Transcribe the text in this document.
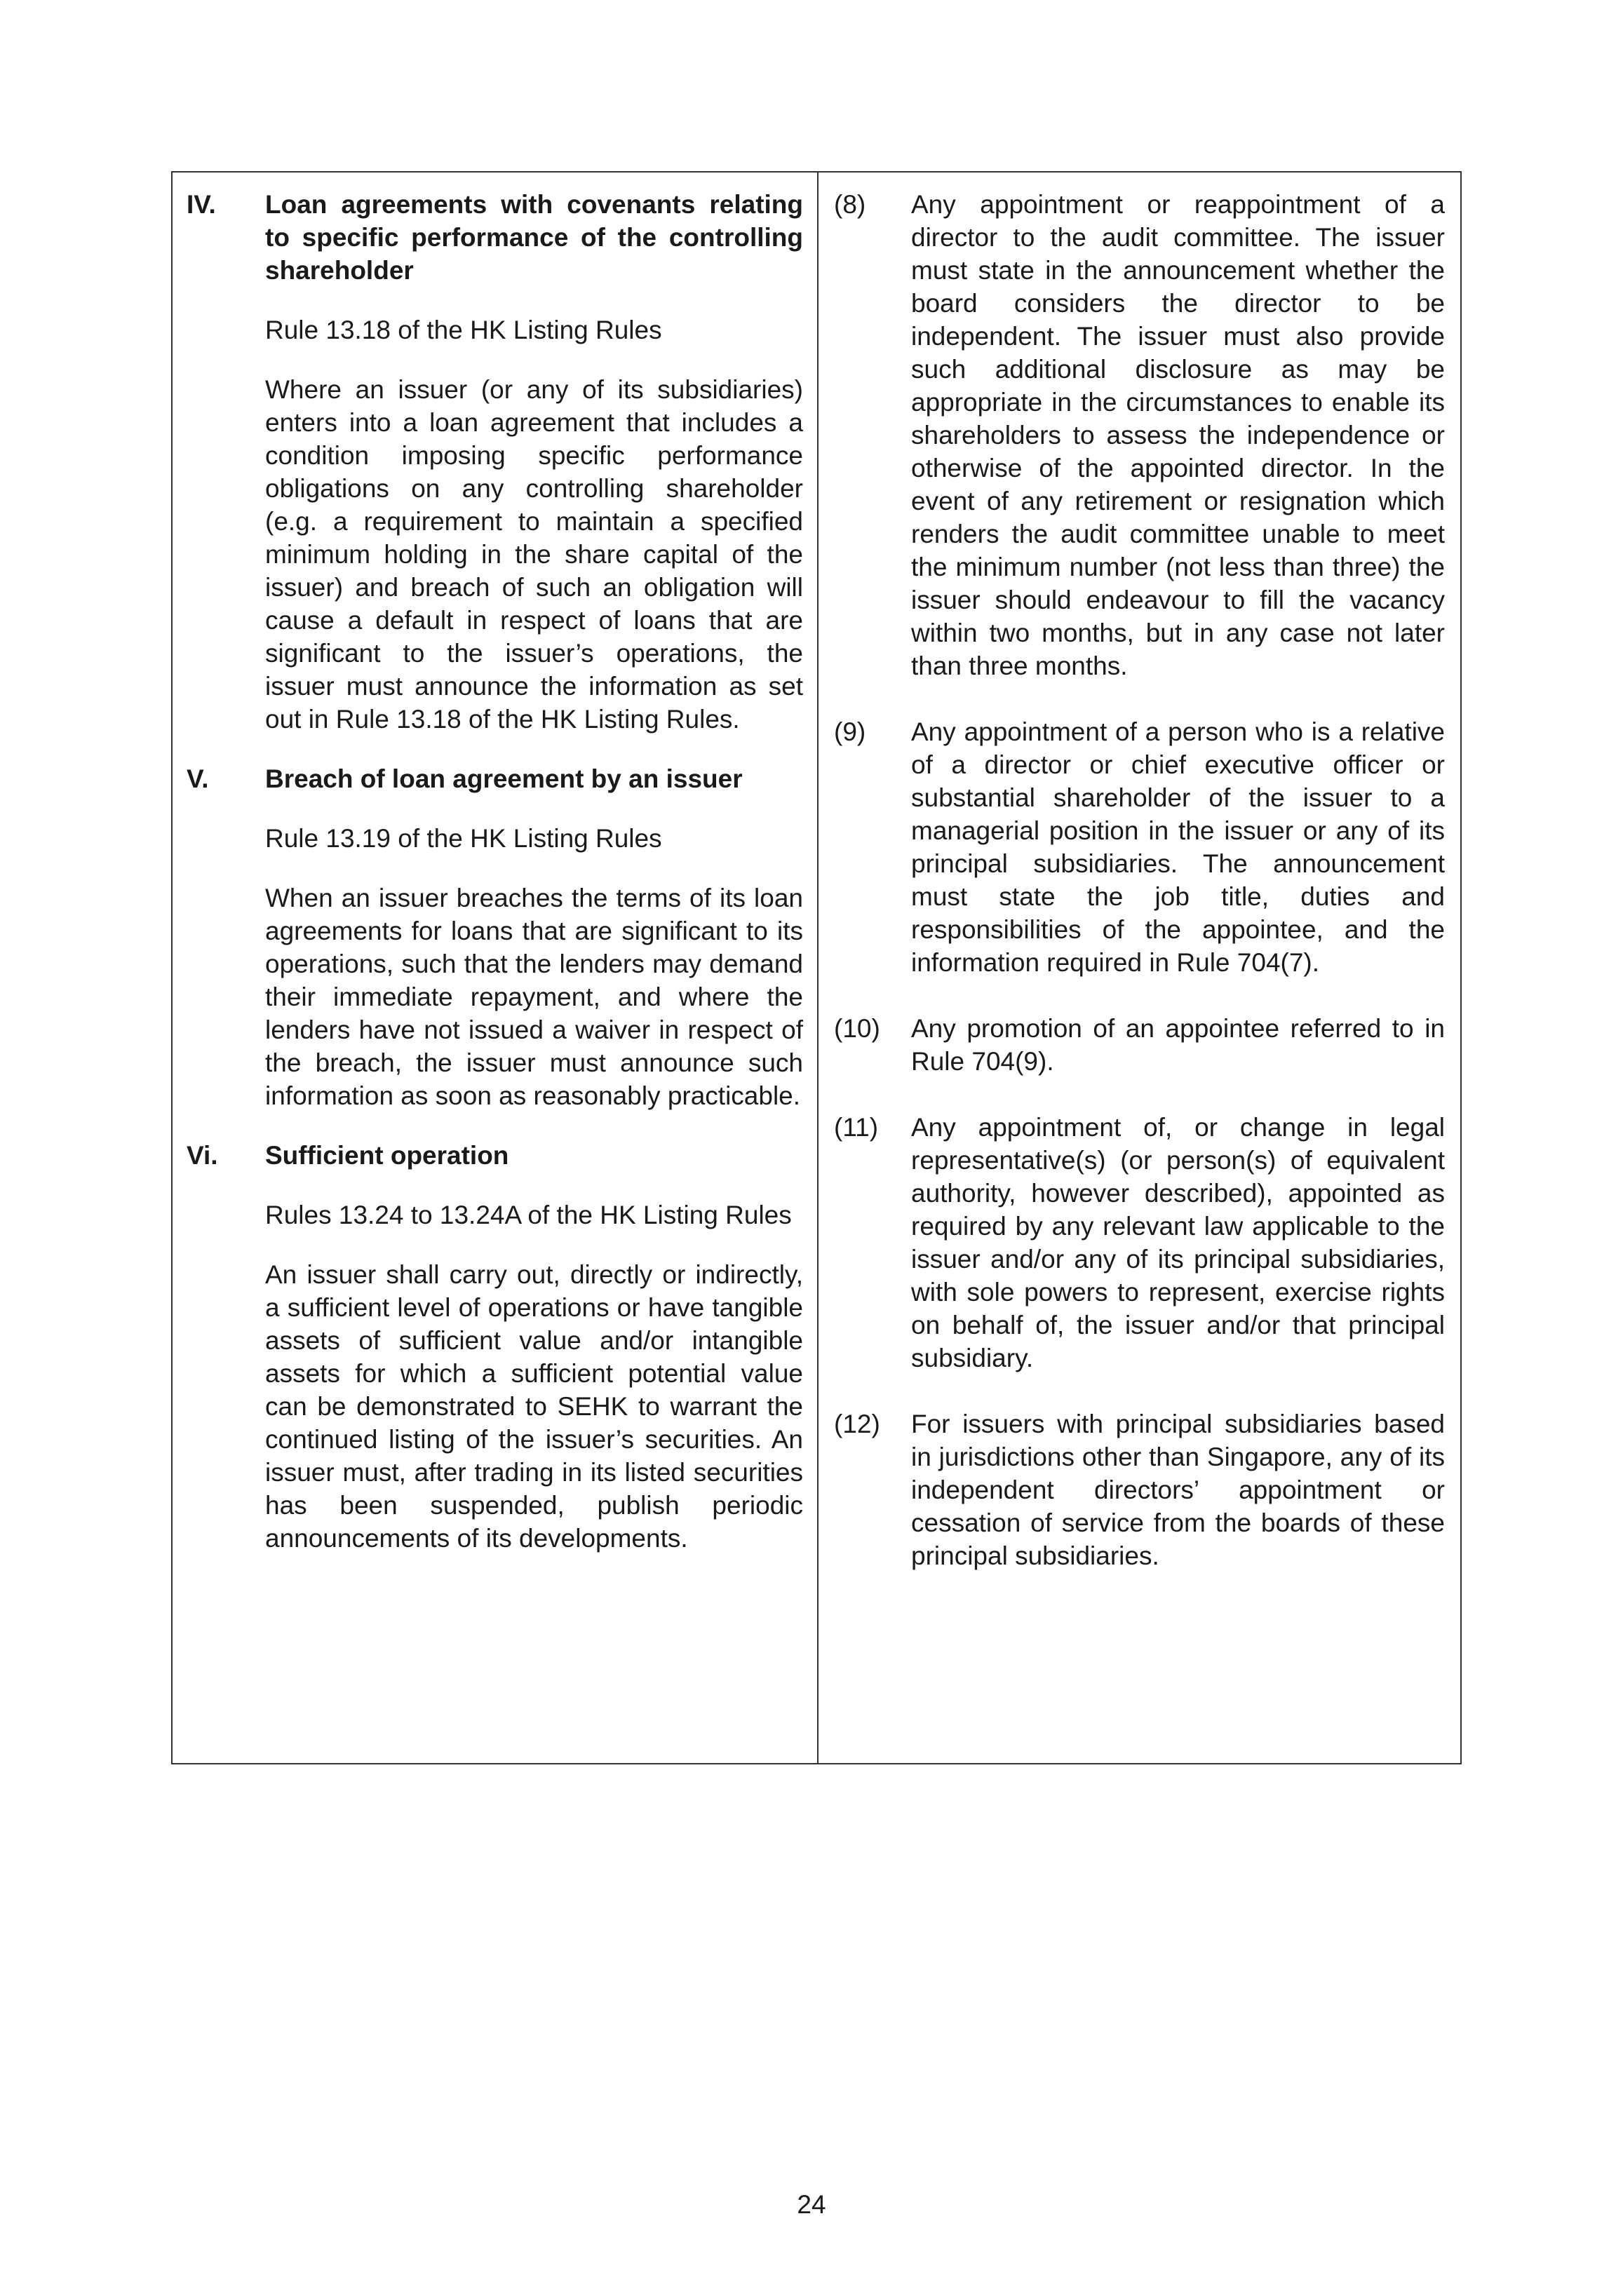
IV.	Loan agreements with covenants relating to specific performance of the controlling shareholder

Rule 13.18 of the HK Listing Rules

Where an issuer (or any of its subsidiaries) enters into a loan agreement that includes a condition imposing specific performance obligations on any controlling shareholder (e.g. a requirement to maintain a specified minimum holding in the share capital of the issuer) and breach of such an obligation will cause a default in respect of loans that are significant to the issuer’s operations, the issuer must announce the information as set out in Rule 13.18 of the HK Listing Rules.

V.	Breach of loan agreement by an issuer

Rule 13.19 of the HK Listing Rules

When an issuer breaches the terms of its loan agreements for loans that are significant to its operations, such that the lenders may demand their immediate repayment, and where the lenders have not issued a waiver in respect of the breach, the issuer must announce such information as soon as reasonably practicable.

Vi.	Sufficient operation

Rules 13.24 to 13.24A of the HK Listing Rules

An issuer shall carry out, directly or indirectly, a sufficient level of operations or have tangible assets of sufficient value and/or intangible assets for which a sufficient potential value can be demonstrated to SEHK to warrant the continued listing of the issuer’s securities. An issuer must, after trading in its listed securities has been suspended, publish periodic announcements of its developments.

(8)	Any appointment or reappointment of a director to the audit committee. The issuer must state in the announcement whether the board considers the director to be independent. The issuer must also provide such additional disclosure as may be appropriate in the circumstances to enable its shareholders to assess the independence or otherwise of the appointed director. In the event of any retirement or resignation which renders the audit committee unable to meet the minimum number (not less than three) the issuer should endeavour to fill the vacancy within two months, but in any case not later than three months.
(9)	Any appointment of a person who is a relative of a director or chief executive officer or substantial shareholder of the issuer to a managerial position in the issuer or any of its principal subsidiaries. The announcement must state the job title, duties and responsibilities of the appointee, and the information required in Rule 704(7).
(10)	Any promotion of an appointee referred to in Rule 704(9).
(11)	Any appointment of, or change in legal representative(s) (or person(s) of equivalent authority, however described), appointed as required by any relevant law applicable to the issuer and/or any of its principal subsidiaries, with sole powers to represent, exercise rights on behalf of, the issuer and/or that principal subsidiary.
(12)	For issuers with principal subsidiaries based in jurisdictions other than Singapore, any of its independent directors’ appointment or cessation of service from the boards of these principal subsidiaries.
24
